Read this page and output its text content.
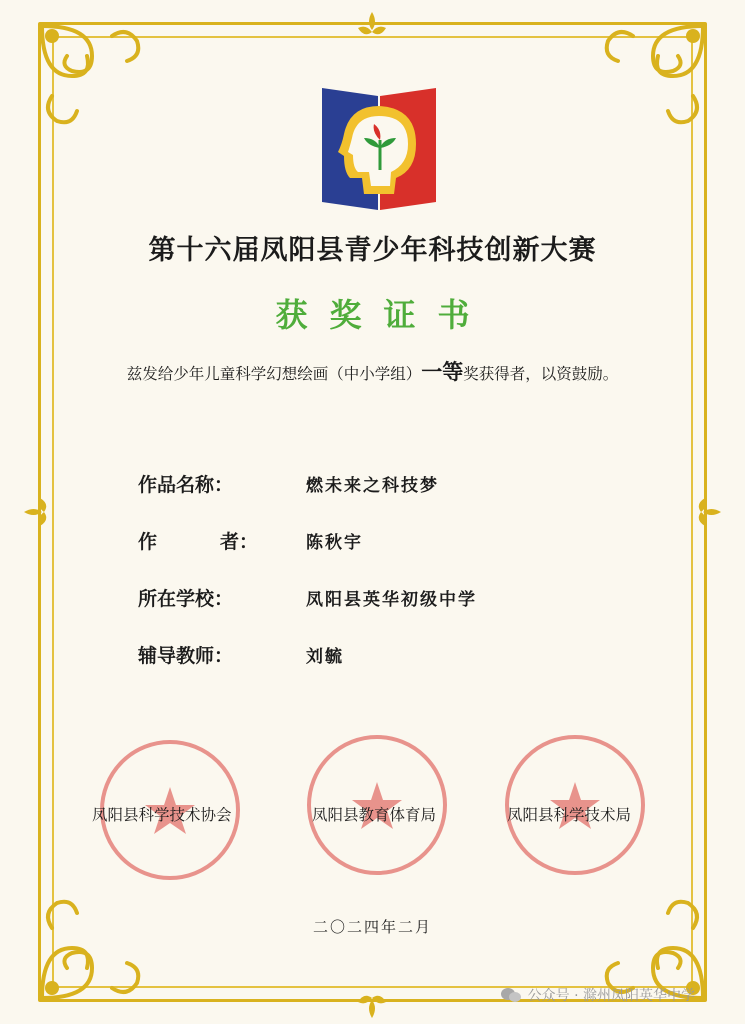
第十六届凤阳县青少年科技创新大赛
获奖证书
兹发给少年儿童科学幻想绘画（中小学组）一等奖获得者，以资鼓励。
作品名称：	燃未来之科技梦
作	者：	陈秋宇
所在学校：	凤阳县英华初级中学
辅导教师：	刘毓
凤阳县科学技术协会	凤阳县教育体育局	凤阳县科学技术局
二〇二四年二月
公众号 · 滁州凤阳英华中学
